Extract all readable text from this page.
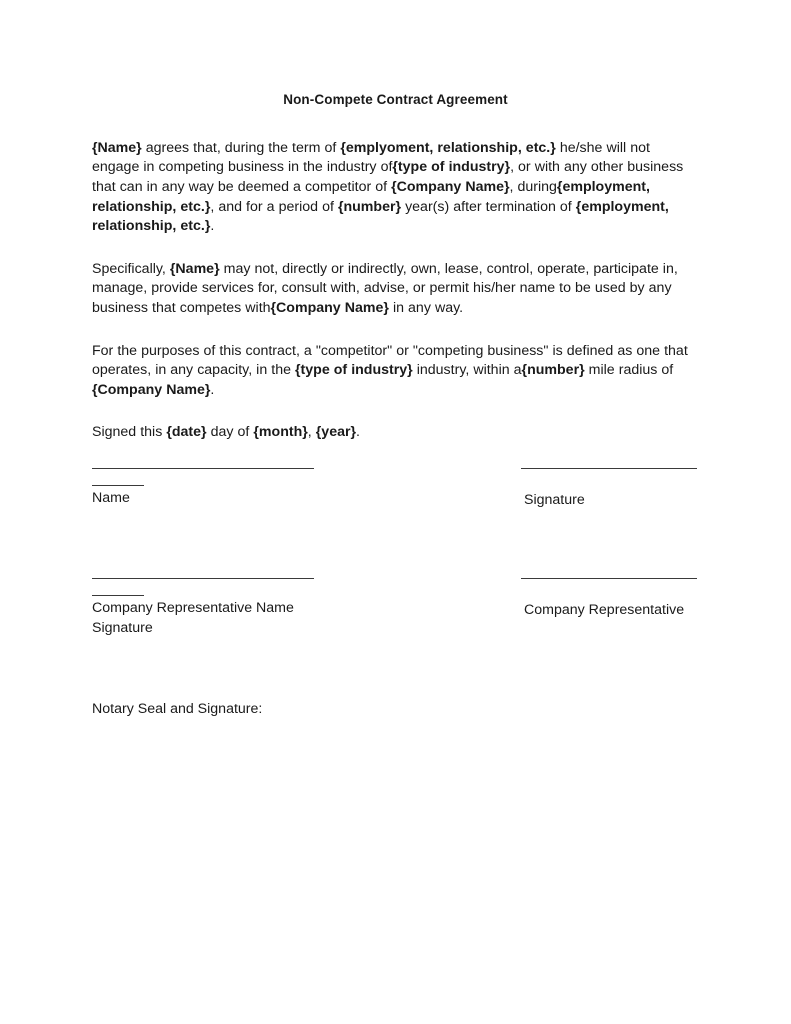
Non-Compete Contract Agreement

{Name} agrees that, during the term of {emplyoment, relationship, etc.} he/she will not engage in competing business in the industry of{type of industry}, or with any other business that can in any way be deemed a competitor of {Company Name}, during{employment, relationship, etc.}, and for a period of {number} year(s) after termination of {employment, relationship, etc.}.

Specifically, {Name} may not, directly or indirectly, own, lease, control, operate, participate in, manage, provide services for, consult with, advise, or permit his/her name to be used by any business that competes with{Company Name} in any way.

For the purposes of this contract, a "competitor" or "competing business" is defined as one that operates, in any capacity, in the {type of industry} industry, within a{number} mile radius of {Company Name}.

Signed this {date} day of {month}, {year}.

Name	Signature
Company Representative Name Signature
Company Representative
Notary Seal and Signature:
